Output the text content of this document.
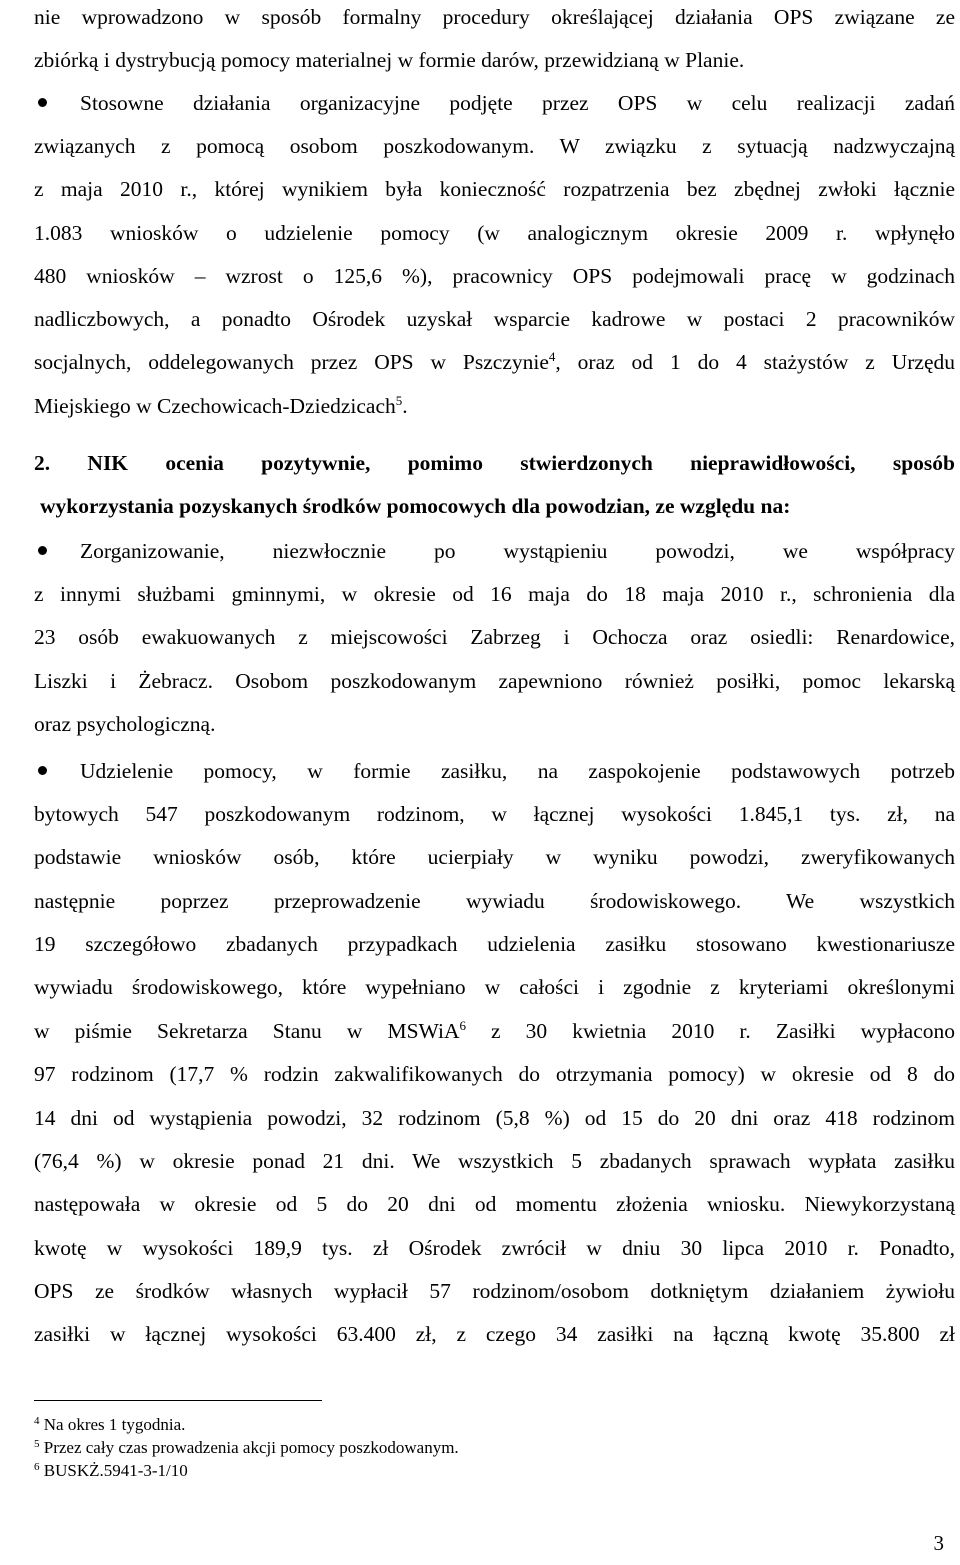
nie wprowadzono w sposób formalny procedury określającej działania OPS związane ze
zbiórką i dystrybucją pomocy materialnej w formie darów, przewidzianą w Planie.
Stosowne działania organizacyjne podjęte przez OPS w celu realizacji zadań
związanych z pomocą osobom poszkodowanym. W związku z sytuacją nadzwyczajną
z maja 2010 r., której wynikiem była konieczność rozpatrzenia bez zbędnej zwłoki łącznie
1.083 wniosków o udzielenie pomocy (w analogicznym okresie 2009 r. wpłynęło
480 wniosków – wzrost o 125,6 %), pracownicy OPS podejmowali pracę w godzinach
nadliczbowych, a ponadto Ośrodek uzyskał wsparcie kadrowe w postaci 2 pracowników
socjalnych, oddelegowanych przez OPS w Pszczynie$^4$, oraz od 1 do 4 stażystów z Urzędu
Miejskiego w Czechowicach-Dziedzicach$^5$.
2. NIK ocenia pozytywnie, pomimo stwierdzonych nieprawidłowości, sposób
wykorzystania pozyskanych środków pomocowych dla powodzian, ze względu na:
Zorganizowanie, niezwłocznie po wystąpieniu powodzi, we współpracy
z innymi służbami gminnymi, w okresie od 16 maja do 18 maja 2010 r., schronienia dla
23 osób ewakuowanych z miejscowości Zabrzeg i Ochocza oraz osiedli: Renardowice,
Liszki i Żebracz. Osobom poszkodowanym zapewniono również posiłki, pomoc lekarską
oraz psychologiczną.
Udzielenie pomocy, w formie zasiłku, na zaspokojenie podstawowych potrzeb
bytowych 547 poszkodowanym rodzinom, w łącznej wysokości 1.845,1 tys. zł, na
podstawie wniosków osób, które ucierpiały w wyniku powodzi, zweryfikowanych
następnie poprzez przeprowadzenie wywiadu środowiskowego. We wszystkich
19 szczegółowo zbadanych przypadkach udzielenia zasiłku stosowano kwestionariusze
wywiadu środowiskowego, które wypełniano w całości i zgodnie z kryteriami określonymi
w piśmie Sekretarza Stanu w MSWiA$^6$ z 30 kwietnia 2010 r. Zasiłki wypłacono
97 rodzinom (17,7 % rodzin zakwalifikowanych do otrzymania pomocy) w okresie od 8 do
14 dni od wystąpienia powodzi, 32 rodzinom (5,8 %) od 15 do 20 dni oraz 418 rodzinom
(76,4 %) w okresie ponad 21 dni. We wszystkich 5 zbadanych sprawach wypłata zasiłku
następowała w okresie od 5 do 20 dni od momentu złożenia wniosku. Niewykorzystaną
kwotę w wysokości 189,9 tys. zł Ośrodek zwrócił w dniu 30 lipca 2010 r. Ponadto,
OPS ze środków własnych wypłacił 57 rodzinom/osobom dotkniętym działaniem żywiołu
zasiłki w łącznej wysokości 63.400 zł, z czego 34 zasiłki na łączną kwotę 35.800 zł
$^4$ Na okres 1 tygodnia.
$^5$ Przez cały czas prowadzenia akcji pomocy poszkodowanym.
$^6$ BUSKŻ.5941-3-1/10
3
